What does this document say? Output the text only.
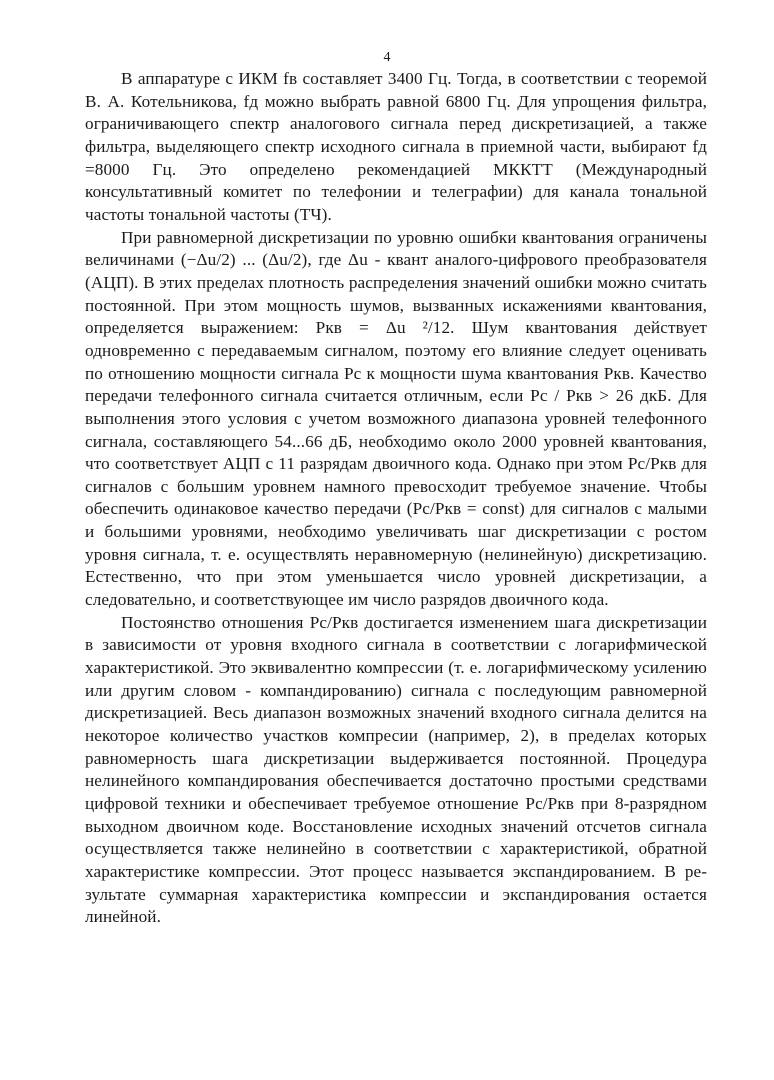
4

В аппаратуре с ИКМ fв составляет 3400 Гц. Тогда, в соответствии с теоремой В. А. Котельникова, fд можно выбрать равной 6800 Гц. Для упрощения фильтра, ограничивающего спектр аналогового сигнала перед дискретизацией, а также фильтра, выделяющего спектр исходного сигнала в приемной части, выбирают fд =8000 Гц. Это определено рекомендацией МККТТ (Международный консультативный комитет по телефонии и телеграфии) для канала тональной частоты тональной частоты (ТЧ).

При равномерной дискретизации по уровню ошибки квантования ограничены величинами (−Δu/2) ... (Δu/2), где Δu - квант аналого-цифрового преобразователя (АЦП). В этих пределах плотность распределения значений ошибки можно считать постоянной. При этом мощность шумов, вызванных искажениями квантования, определяется выражением: Ркв = Δu ²/12. Шум квантования действует одновременно с передаваемым сигналом, поэтому его влияние следует оценивать по отношению мощности сигнала Рс к мощности шума квантования Ркв. Качество передачи телефонного сигнала считается отличным, если Рс / Ркв > 26 дкБ. Для выполнения этого условия с учетом возможного диапазона уровней телефонного сигнала, составляющего 54...66 дБ, необходимо около 2000 уровней квантования, что соответствует АЦП с 11 разрядам двоичного кода. Однако при этом Рс/Ркв для сигналов с большим уровнем намного превосходит требуемое значение. Чтобы обеспечить одинаковое качество передачи (Рс/Ркв = const) для сигналов с малыми и большими уровнями, необходимо увеличивать шаг дискретизации с ростом уровня сигнала, т. е. осуществлять неравномерную (нелинейную) дискретизацию. Естественно, что при этом уменьшается число уровней дискретизации, а следовательно, и соответствующее им число разрядов двоичного кода.

Постоянство отношения Рс/Ркв достигается изменением шага дискретизации в зависимости от уровня входного сигнала в соответствии с логарифмической характеристикой. Это эквивалентно компрессии (т. е. логарифмическому усилению или другим словом - компандированию) сигнала с последующим равномерной дискретизацией. Весь диапазон возможных значений входного сигнала делится на некоторое количество участков компресии (например, 2), в пределах которых равномерность шага дискретизации выдерживается постоянной. Процедура нелинейного компандирования обеспечивается достаточно простыми средствами цифровой техники и обеспечивает требуемое отношение Рс/Ркв при 8-разрядном выходном двоичном коде. Восстановление исходных значений отсчетов сигнала осуществляется также нелинейно в соответствии с характеристикой, обратной характеристике компрессии. Этот процесс называется экспандированием. В результате суммарная характеристика компрессии и экспандирования остается линейной.
